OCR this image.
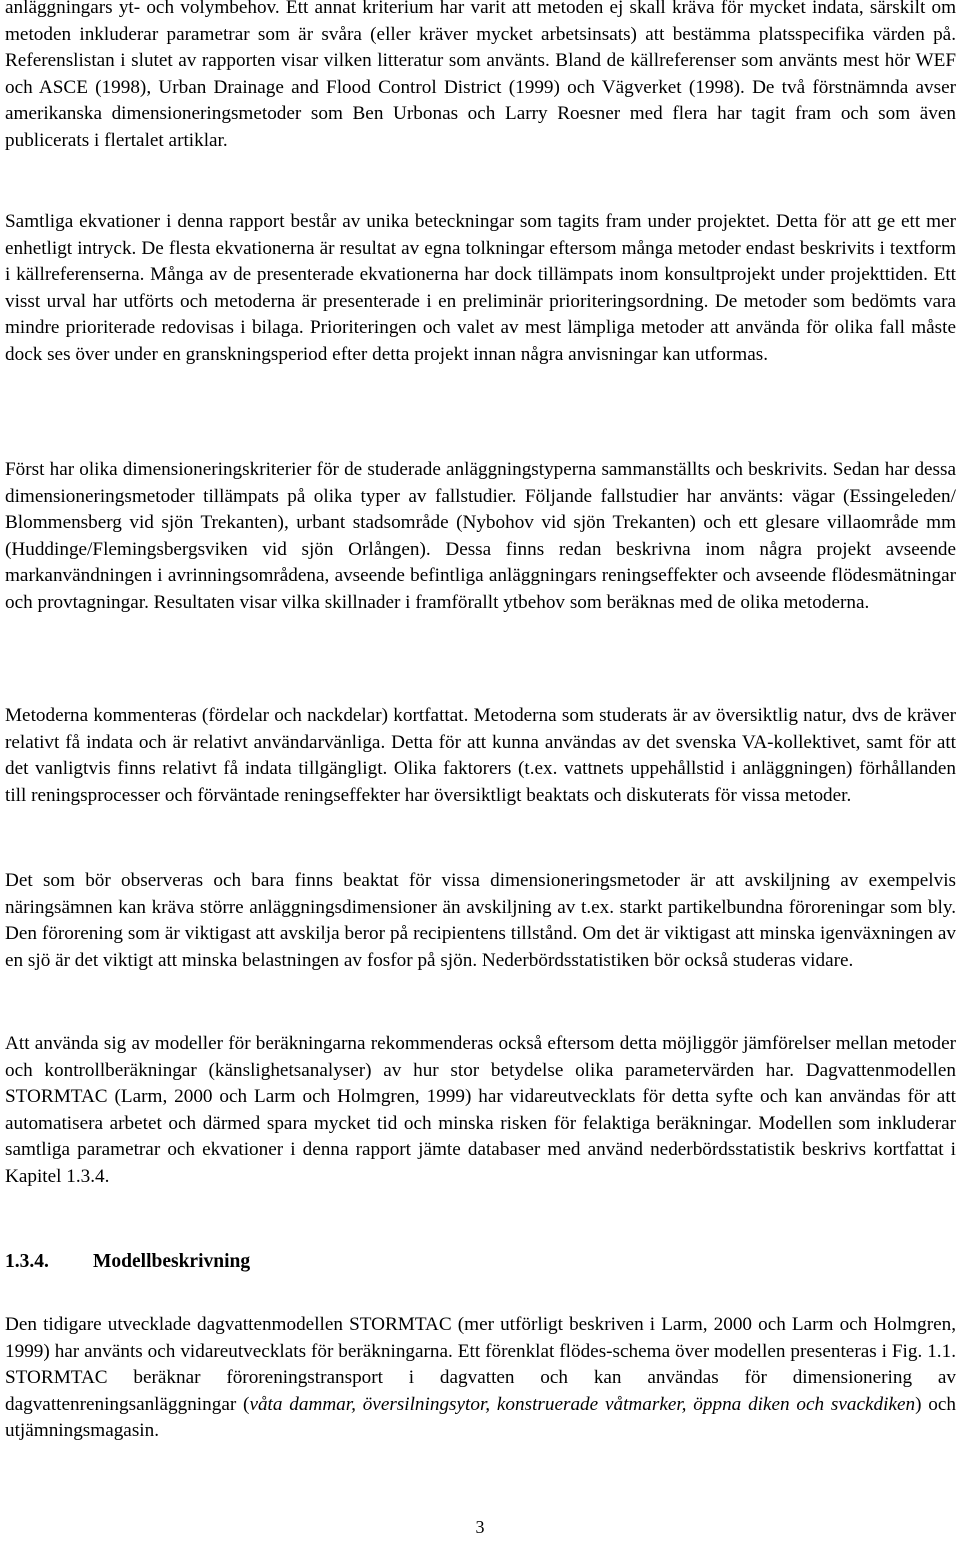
anläggningars yt- och volymbehov. Ett annat kriterium har varit att metoden ej skall kräva för mycket indata, särskilt om metoden inkluderar parametrar som är svåra (eller kräver mycket arbetsinsats) att bestämma platsspecifika värden på. Referenslistan i slutet av rapporten visar vilken litteratur som använts. Bland de källreferenser som använts mest hör WEF och ASCE (1998), Urban Drainage and Flood Control District (1999) och Vägverket (1998). De två förstnämnda avser amerikanska dimensioneringsmetoder som Ben Urbonas och Larry Roesner med flera har tagit fram och som även publicerats i flertalet artiklar.

Samtliga ekvationer i denna rapport består av unika beteckningar som tagits fram under projektet. Detta för att ge ett mer enhetligt intryck. De flesta ekvationerna är resultat av egna tolkningar eftersom många metoder endast beskrivits i textform i källreferenserna. Många av de presenterade ekvationerna har dock tillämpats inom konsultprojekt under projekttiden. Ett visst urval har utförts och metoderna är presenterade i en preliminär prioriteringsordning. De metoder som bedömts vara mindre prioriterade redovisas i bilaga. Prioriteringen och valet av mest lämpliga metoder att använda för olika fall måste dock ses över under en granskningsperiod efter detta projekt innan några anvisningar kan utformas.

Först har olika dimensioneringskriterier för de studerade anläggningstyperna sammanställts och beskrivits. Sedan har dessa dimensioneringsmetoder tillämpats på olika typer av fallstudier. Följande fallstudier har använts: vägar (Essingeleden/ Blommensberg vid sjön Trekanten), urbant stadsområde (Nybohov vid sjön Trekanten) och ett glesare villaområde mm (Huddinge/Flemingsbergsviken vid sjön Orlången). Dessa finns redan beskrivna inom några projekt avseende markanvändningen i avrinningsområdena, avseende befintliga anläggningars reningseffekter och avseende flödesmätningar och provtagningar. Resultaten visar vilka skillnader i framförallt ytbehov som beräknas med de olika metoderna.

Metoderna kommenteras (fördelar och nackdelar) kortfattat. Metoderna som studerats är av översiktlig natur, dvs de kräver relativt få indata och är relativt användarvänliga. Detta för att kunna användas av det svenska VA-kollektivet, samt för att det vanligtvis finns relativt få indata tillgängligt. Olika faktorers (t.ex. vattnets uppehållstid i anläggningen) förhållanden till reningsprocesser och förväntade reningseffekter har översiktligt beaktats och diskuterats för vissa metoder.

Det som bör observeras och bara finns beaktat för vissa dimensioneringsmetoder är att avskiljning av exempelvis näringsämnen kan kräva större anläggningsdimensioner än avskiljning av t.ex. starkt partikelbundna föroreningar som bly. Den förorening som är viktigast att avskilja beror på recipientens tillstånd. Om det är viktigast att minska igenväxningen av en sjö är det viktigt att minska belastningen av fosfor på sjön. Nederbördsstatistiken bör också studeras vidare.

Att använda sig av modeller för beräkningarna rekommenderas också eftersom detta möjliggör jämförelser mellan metoder och kontrollberäkningar (känslighetsanalyser) av hur stor betydelse olika parametervärden har. Dagvattenmodellen STORMTAC (Larm, 2000 och Larm och Holmgren, 1999) har vidareutvecklats för detta syfte och kan användas för att automatisera arbetet och därmed spara mycket tid och minska risken för felaktiga beräkningar. Modellen som inkluderar samtliga parametrar och ekvationer i denna rapport jämte databaser med använd nederbördsstatistik beskrivs kortfattat i Kapitel 1.3.4.

1.3.4. Modellbeskrivning

Den tidigare utvecklade dagvattenmodellen STORMTAC (mer utförligt beskriven i Larm, 2000 och Larm och Holmgren, 1999) har använts och vidareutvecklats för beräkningarna. Ett förenklat flödes-schema över modellen presenteras i Fig. 1.1. STORMTAC beräknar föroreningstransport i dagvatten och kan användas för dimensionering av dagvattenreningsanläggningar (våta dammar, översilningsytor, konstruerade våtmarker, öppna diken och svackdiken) och utjämningsmagasin.

3
